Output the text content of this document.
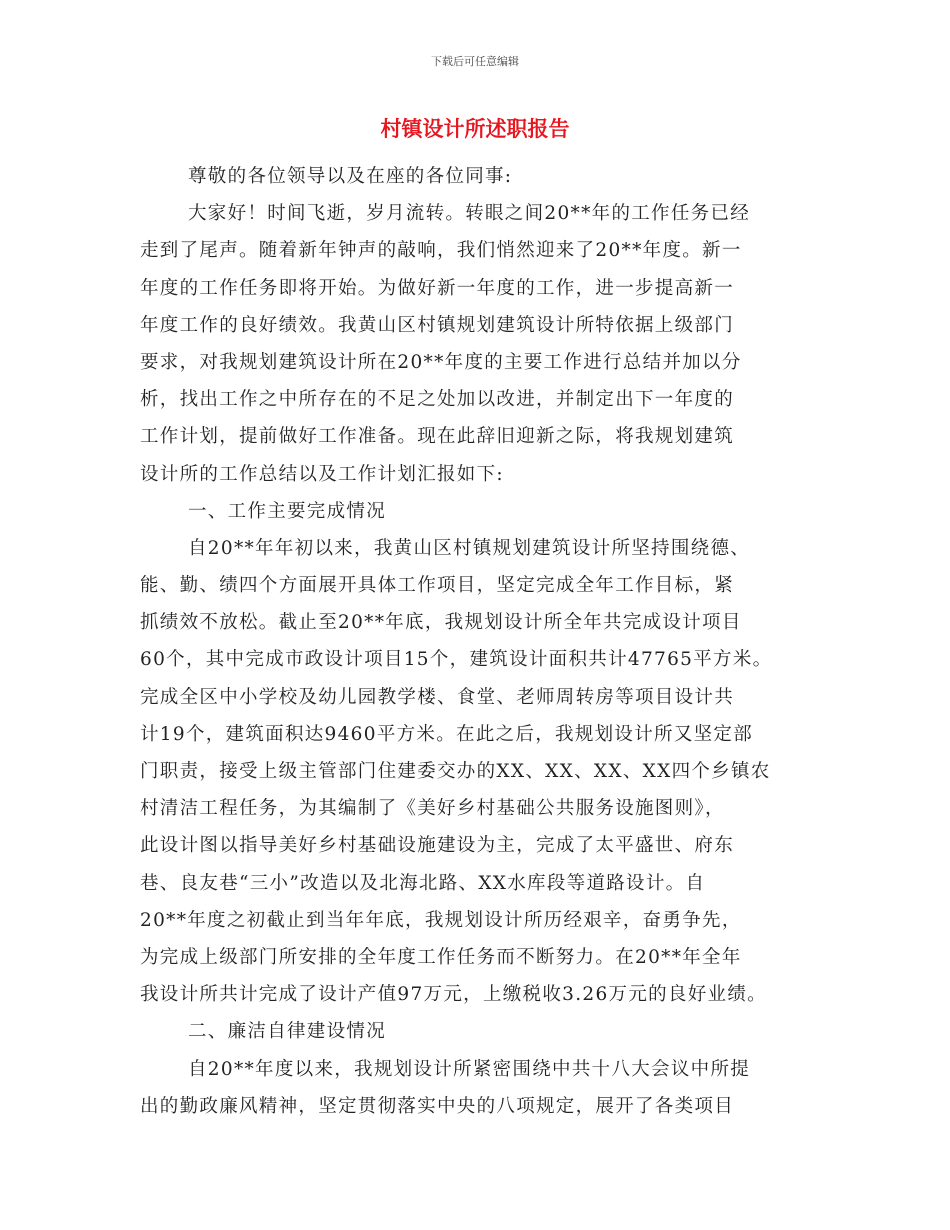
下载后可任意编辑
村镇设计所述职报告
尊敬的各位领导以及在座的各位同事:
大家好！时间飞逝，岁月流转。转眼之间20**年的工作任务已经
走到了尾声。随着新年钟声的敲响，我们悄然迎来了20**年度。新一
年度的工作任务即将开始。为做好新一年度的工作，进一步提高新一
年度工作的良好绩效。我黄山区村镇规划建筑设计所特依据上级部门
要求，对我规划建筑设计所在20**年度的主要工作进行总结并加以分
析，找出工作之中所存在的不足之处加以改进，并制定出下一年度的
工作计划，提前做好工作准备。现在此辞旧迎新之际，将我规划建筑
设计所的工作总结以及工作计划汇报如下:
一、工作主要完成情况
自20**年年初以来，我黄山区村镇规划建筑设计所坚持围绕德、
能、勤、绩四个方面展开具体工作项目，坚定完成全年工作目标，紧
抓绩效不放松。截止至20**年底，我规划设计所全年共完成设计项目
60个，其中完成市政设计项目15个，建筑设计面积共计47765平方米。
完成全区中小学校及幼儿园教学楼、食堂、老师周转房等项目设计共
计19个，建筑面积达9460平方米。在此之后，我规划设计所又坚定部
门职责，接受上级主管部门住建委交办的XX、XX、XX、XX四个乡镇农
村清洁工程任务，为其编制了《美好乡村基础公共服务设施图则》，
此设计图以指导美好乡村基础设施建设为主，完成了太平盛世、府东
巷、良友巷“三小”改造以及北海北路、XX水库段等道路设计。自
20**年度之初截止到当年年底，我规划设计所历经艰辛，奋勇争先，
为完成上级部门所安排的全年度工作任务而不断努力。在20**年全年
我设计所共计完成了设计产值97万元，上缴税收3.26万元的良好业绩。
二、廉洁自律建设情况
自20**年度以来，我规划设计所紧密围绕中共十八大会议中所提
出的勤政廉风精神，坚定贯彻落实中央的八项规定，展开了各类项目
